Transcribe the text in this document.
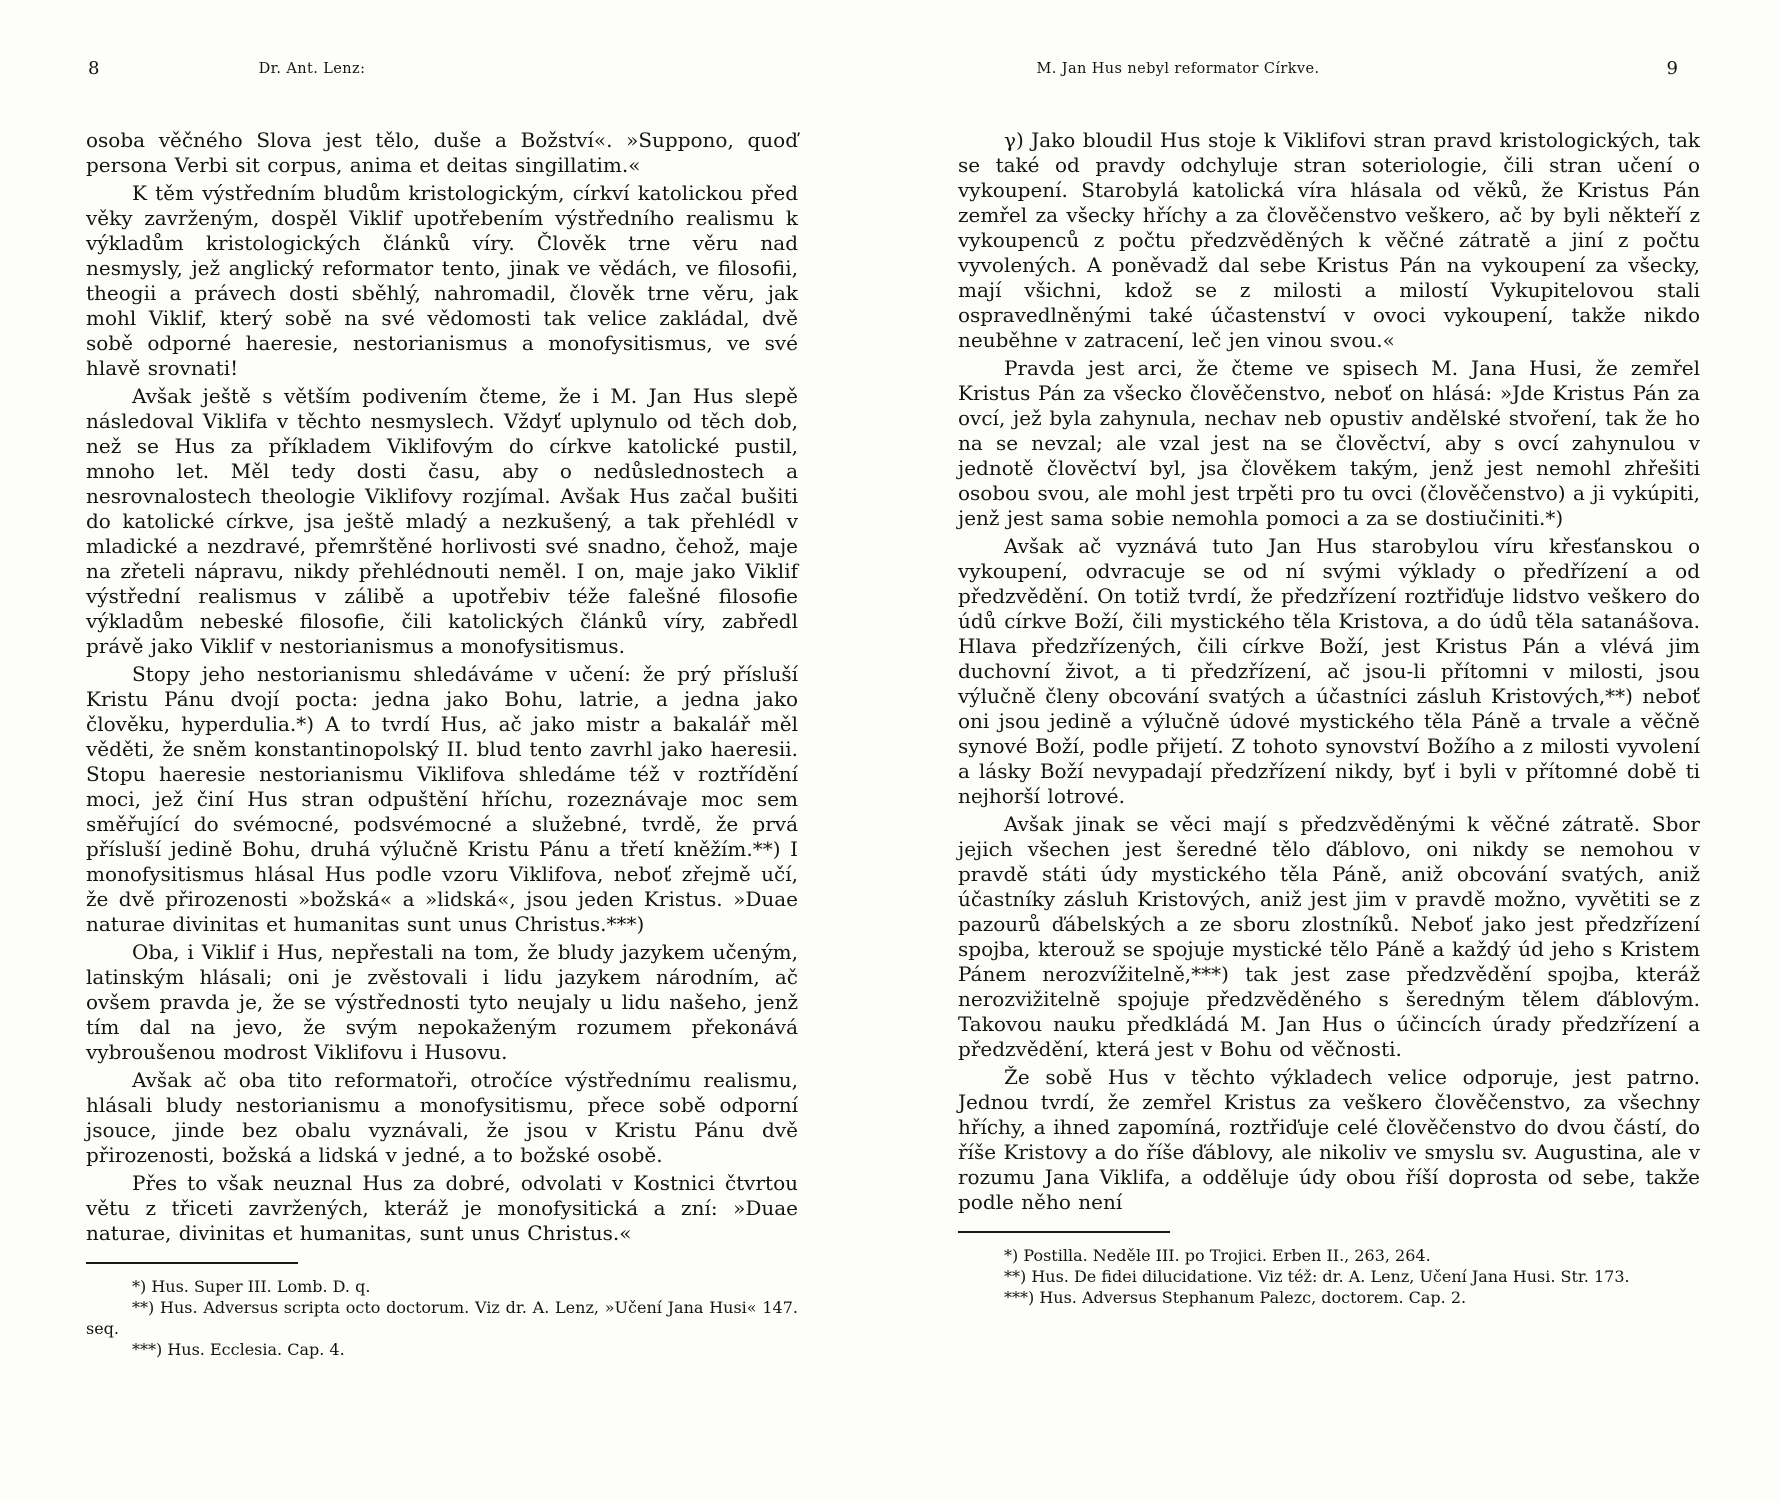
8	Dr. Ant. Lenz:

osoba věčného Slova jest tělo, duše a Božství«. »Suppono, quoď persona Verbi sit corpus, anima et deitas singillatim.«

K těm výstředním bludům kristologickým, církví katolickou před věky zavrženým, dospěl Viklif upotřebením výstředního realismu k výkladům kristologických článků víry. Člověk trne věru nad nesmysly, jež anglický reformator tento, jinak ve vědách, ve filosofii, theogii a právech dosti sběhlý, nahromadil, člověk trne věru, jak mohl Viklif, který sobě na své vědomosti tak velice zakládal, dvě sobě odporné haeresie, nestorianismus a monofysitismus, ve své hlavě srovnati!

Avšak ještě s větším podivením čteme, že i M. Jan Hus slepě následoval Viklifa v těchto nesmyslech. Vždyť uplynulo od těch dob, než se Hus za příkladem Viklifovým do církve katolické pustil, mnoho let. Měl tedy dosti času, aby o nedůslednostech a nesrovnalostech theologie Viklifovy rozjímal. Avšak Hus začal bušiti do katolické církve, jsa ještě mladý a nezkušený, a tak přehlédl v mladické a nezdravé, přemrštěné horlivosti své snadno, čehož, maje na zřeteli nápravu, nikdy přehlédnouti neměl. I on, maje jako Viklif výstřední realismus v zálibě a upotřebiv téže falešné filosofie výkladům nebeské filosofie, čili katolických článků víry, zabředl právě jako Viklif v nestorianismus a monofysitismus.

Stopy jeho nestorianismu shledáváme v učení: že prý přísluší Kristu Pánu dvojí pocta: jedna jako Bohu, latrie, a jedna jako člověku, hyperdulia.*) A to tvrdí Hus, ač jako mistr a bakalář měl věděti, že sněm konstantinopolský II. blud tento zavrhl jako haeresii. Stopu haeresie nestorianismu Viklifova shledáme též v roztřídění moci, jež činí Hus stran odpuštění hříchu, rozeznávaje moc sem směřující do svémocné, podsvémocné a služebné, tvrdě, že prvá přísluší jedině Bohu, druhá výlučně Kristu Pánu a třetí kněžím.**) I monofysitismus hlásal Hus podle vzoru Viklifova, neboť zřejmě učí, že dvě přirozenosti »božská« a »lidská«, jsou jeden Kristus. »Duae naturae divinitas et humanitas sunt unus Christus.***)

Oba, i Viklif i Hus, nepřestali na tom, že bludy jazykem učeným, latinským hlásali; oni je zvěstovali i lidu jazykem národním, ač ovšem pravda je, že se výstřednosti tyto neujaly u lidu našeho, jenž tím dal na jevo, že svým nepokaženým rozumem překonává vybroušenou modrost Viklifovu i Husovu.

Avšak ač oba tito reformatoři, otročíce výstřednímu realismu, hlásali bludy nestorianismu a monofysitismu, přece sobě odporní jsouce, jinde bez obalu vyznávali, že jsou v Kristu Pánu dvě přirozenosti, božská a lidská v jedné, a to božské osobě.

Přes to však neuznal Hus za dobré, odvolati v Kostnici čtvrtou větu z třiceti zavržených, kteráž je monofysitická a zní: »Duae naturae, divinitas et humanitas, sunt unus Christus.«

*) Hus. Super III. Lomb. D. q.

**) Hus. Adversus scripta octo doctorum. Viz dr. A. Lenz, »Učení Jana Husi« 147. seq.

***) Hus. Ecclesia. Cap. 4.

M. Jan Hus nebyl reformator Církve.	9

γ) Jako bloudil Hus stoje k Viklifovi stran pravd kristologických, tak se také od pravdy odchyluje stran soteriologie, čili stran učení o vykoupení. Starobylá katolická víra hlásala od věků, že Kristus Pán zemřel za všecky hříchy a za člověčenstvo veškero, ač by byli někteří z vykoupenců z počtu předzvěděných k věčné zátratě a jiní z počtu vyvolených. A poněvadž dal sebe Kristus Pán na vykoupení za všecky, mají všichni, kdož se z milosti a milostí Vykupitelovou stali ospravedlněnými také účastenství v ovoci vykoupení, takže nikdo neuběhne v zatracení, leč jen vinou svou.«

Pravda jest arci, že čteme ve spisech M. Jana Husi, že zemřel Kristus Pán za všecko člověčenstvo, neboť on hlásá: »Jde Kristus Pán za ovcí, jež byla zahynula, nechav neb opustiv andělské stvoření, tak že ho na se nevzal; ale vzal jest na se člověctví, aby s ovcí zahynulou v jednotě člověctví byl, jsa člověkem takým, jenž jest nemohl zhřešiti osobou svou, ale mohl jest trpěti pro tu ovci (člověčenstvo) a ji vykúpiti, jenž jest sama sobie nemohla pomoci a za se dostiučiniti.*)

Avšak ač vyznává tuto Jan Hus starobylou víru křesťanskou o vykoupení, odvracuje se od ní svými výklady o předřízení a od předzvědění. On totiž tvrdí, že předzřízení roztřiďuje lidstvo veškero do údů církve Boží, čili mystického těla Kristova, a do údů těla satanášova. Hlava předzřízených, čili církve Boží, jest Kristus Pán a vlévá jim duchovní život, a ti předzřízení, ač jsou-li přítomni v milosti, jsou výlučně členy obcování svatých a účastníci zásluh Kristových,**) neboť oni jsou jedině a výlučně údové mystického těla Páně a trvale a věčně synové Boží, podle přijetí. Z tohoto synovství Božího a z milosti vyvolení a lásky Boží nevypadají předzřízení nikdy, byť i byli v přítomné době ti nejhorší lotrové.

Avšak jinak se věci mají s předzvěděnými k věčné zátratě. Sbor jejich všechen jest šeredné tělo ďáblovo, oni nikdy se nemohou v pravdě státi údy mystického těla Páně, aniž obcování svatých, aniž účastníky zásluh Kristových, aniž jest jim v pravdě možno, vyvětiti se z pazourů ďábelských a ze sboru zlostníků. Neboť jako jest předzřízení spojba, kterouž se spojuje mystické tělo Páně a každý úd jeho s Kristem Pánem nerozvížitelně,***) tak jest zase předzvědění spojba, kteráž nerozvižitelně spojuje předzvěděného s šeredným tělem ďáblovým. Takovou nauku předkládá M. Jan Hus o účincích úrady předzřízení a předzvědění, která jest v Bohu od věčnosti.

Že sobě Hus v těchto výkladech velice odporuje, jest patrno. Jednou tvrdí, že zemřel Kristus za veškero člověčenstvo, za všechny hříchy, a ihned zapomíná, roztřiďuje celé člověčenstvo do dvou částí, do říše Kristovy a do říše ďáblovy, ale nikoliv ve smyslu sv. Augustina, ale v rozumu Jana Viklifa, a odděluje údy obou říší doprosta od sebe, takže podle něho není

*) Postilla. Neděle III. po Trojici. Erben II., 263, 264.

**) Hus. De fidei dilucidatione. Viz též: dr. A. Lenz, Učení Jana Husi. Str. 173.

***) Hus. Adversus Stephanum Palezc, doctorem. Cap. 2.
